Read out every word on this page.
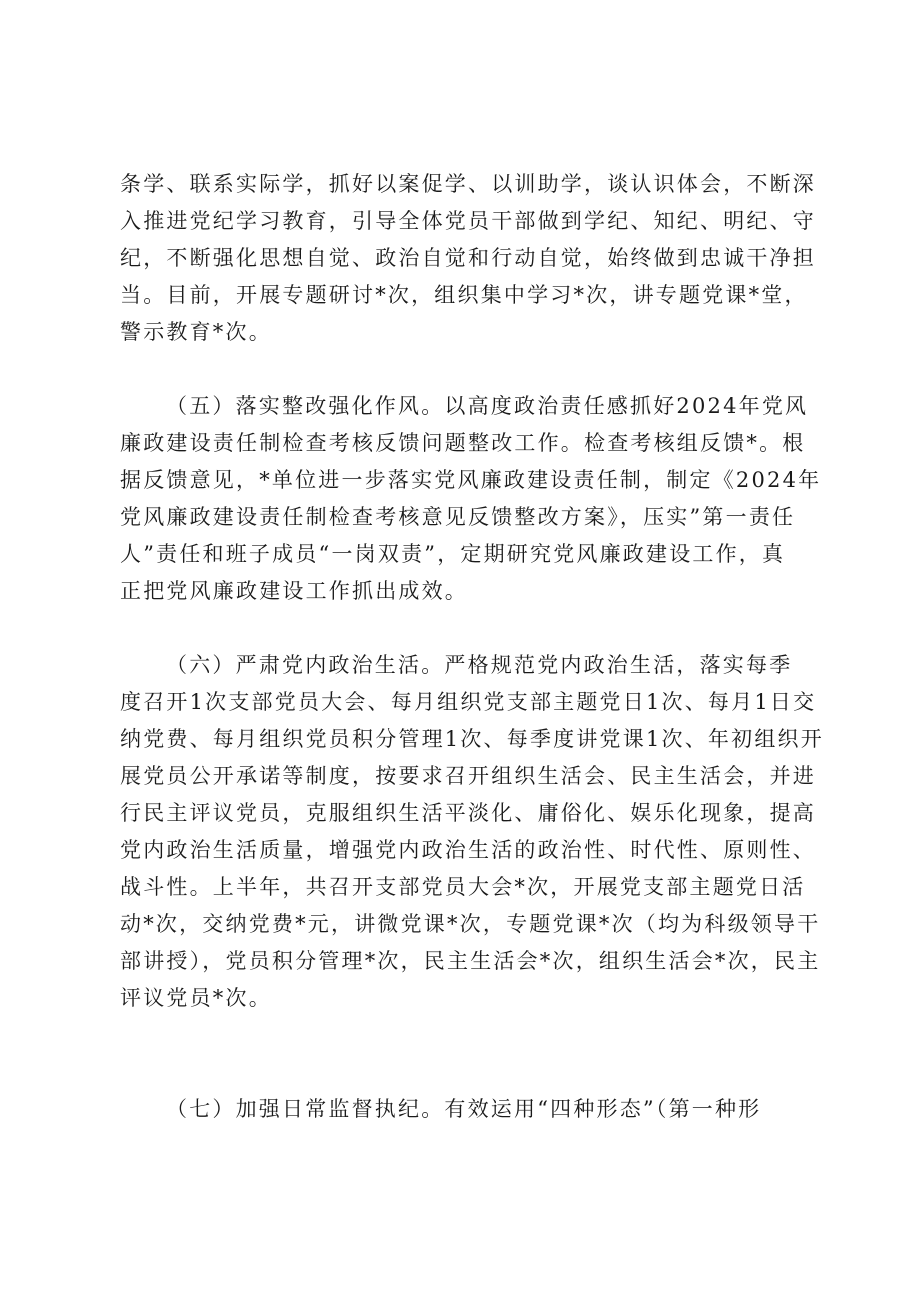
条学、联系实际学，抓好以案促学、以训助学，谈认识体会，不断深
入推进党纪学习教育，引导全体党员干部做到学纪、知纪、明纪、守
纪，不断强化思想自觉、政治自觉和行动自觉，始终做到忠诚干净担
当。目前，开展专题研讨*次，组织集中学习*次，讲专题党课*堂，
警示教育*次。
（五）落实整改强化作风。以高度政治责任感抓好2024年党风
廉政建设责任制检查考核反馈问题整改工作。检查考核组反馈*。根
据反馈意见，*单位进一步落实党风廉政建设责任制，制定《2024年
党风廉政建设责任制检查考核意见反馈整改方案》，压实”第一责任
人”责任和班子成员“一岗双责”，定期研究党风廉政建设工作，真
正把党风廉政建设工作抓出成效。
（六）严肃党内政治生活。严格规范党内政治生活，落实每季
度召开1次支部党员大会、每月组织党支部主题党日1次、每月1日交
纳党费、每月组织党员积分管理1次、每季度讲党课1次、年初组织开
展党员公开承诺等制度，按要求召开组织生活会、民主生活会，并进
行民主评议党员，克服组织生活平淡化、庸俗化、娱乐化现象，提高
党内政治生活质量，增强党内政治生活的政治性、时代性、原则性、
战斗性。上半年，共召开支部党员大会*次，开展党支部主题党日活
动*次，交纳党费*元，讲微党课*次，专题党课*次（均为科级领导干
部讲授），党员积分管理*次，民主生活会*次，组织生活会*次，民主
评议党员*次。
（七）加强日常监督执纪。有效运用“四种形态”（第一种形
